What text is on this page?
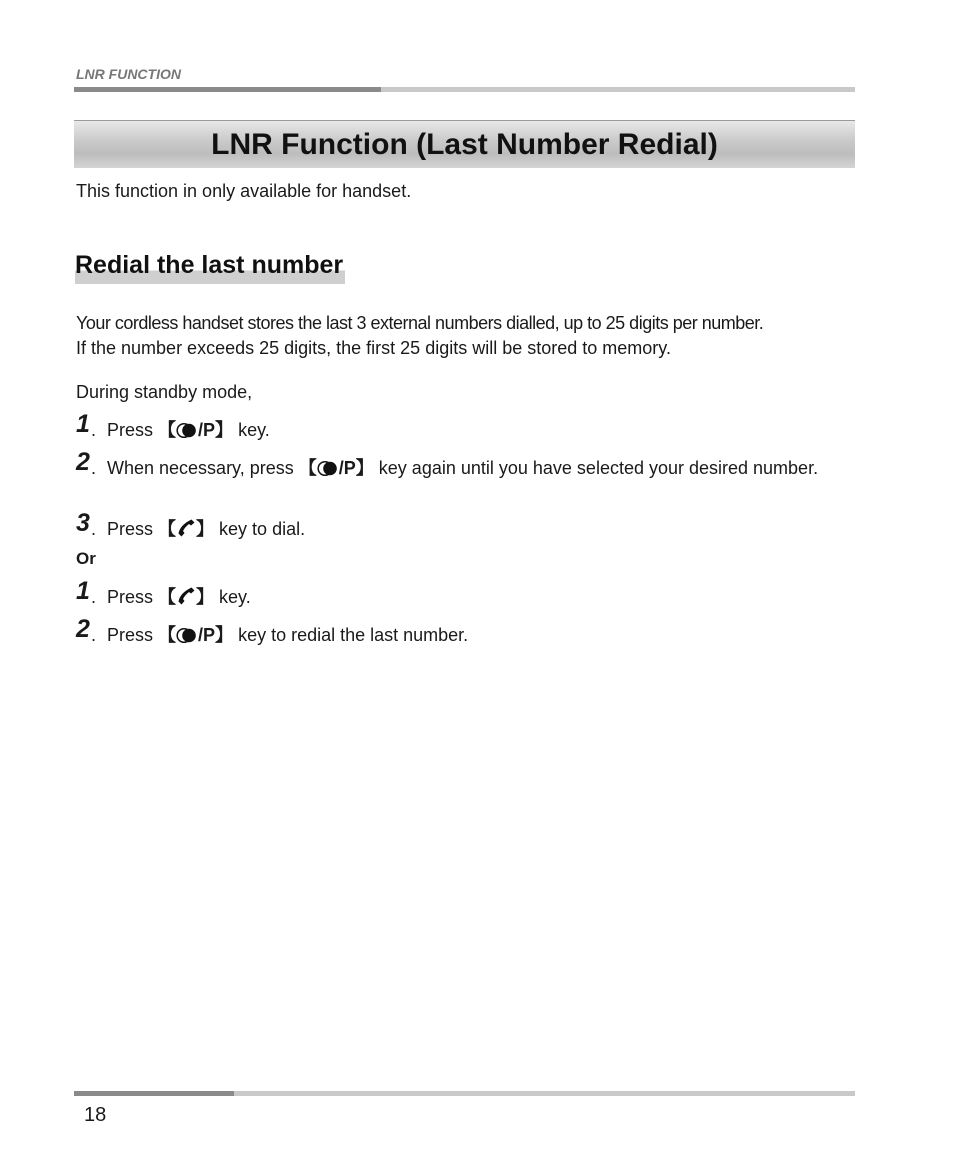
LNR FUNCTION
LNR Function (Last Number Redial)
This function in only available for handset.
Redial the last number
Your cordless handset stores the last 3 external numbers dialled, up to 25 digits per number.
If the number exceeds 25 digits, the first 25 digits will be stored to memory.
During standby mode,
1 . Press 【 /P】 key.
2 . When necessary, press 【 /P】 key again until you have selected your desired number.
3 . Press 【 】 key to dial.
Or
1 . Press 【 】 key.
2 . Press 【 /P】 key to redial the last number.
18
